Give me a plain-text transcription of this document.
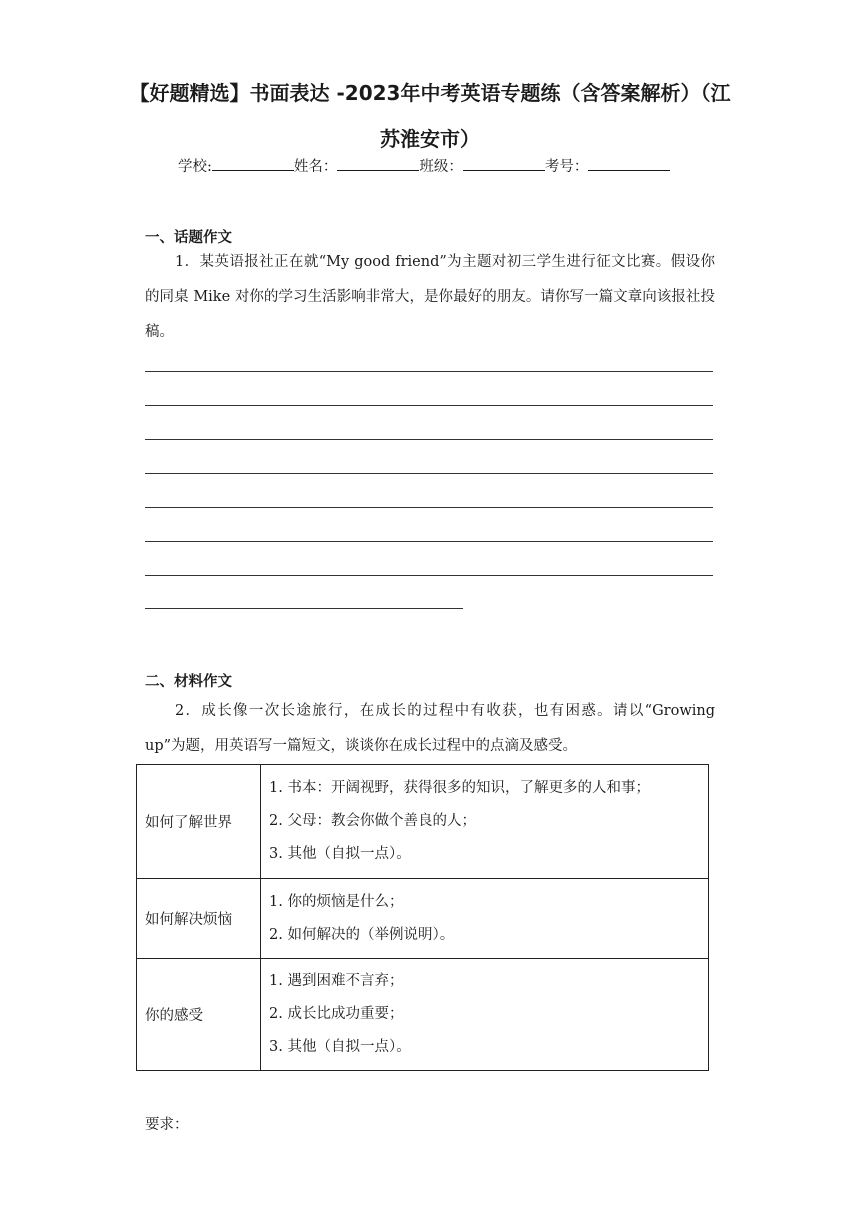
【好题精选】书面表达 -2023年中考英语专题练（含答案解析）（江苏淮安市）
学校:	姓名：	班级：	考号：
一、话题作文
1．某英语报社正在就“My good friend”为主题对初三学生进行征文比赛。假设你的同桌 Mike 对你的学习生活影响非常大，是你最好的朋友。请你写一篇文章向该报社投稿。
二、材料作文
2．成长像一次长途旅行，在成长的过程中有收获，也有困惑。请以“Growing up”为题，用英语写一篇短文，谈谈你在成长过程中的点滴及感受。
如何了解世界	1. 书本：开阔视野，获得很多的知识，了解更多的人和事；
2. 父母：教会你做个善良的人；
3. 其他（自拟一点）。

如何解决烦恼	1. 你的烦恼是什么；
2. 如何解决的（举例说明）。

你的感受	1. 遇到困难不言弃；
2. 成长比成功重要；
3. 其他（自拟一点）。
要求：
